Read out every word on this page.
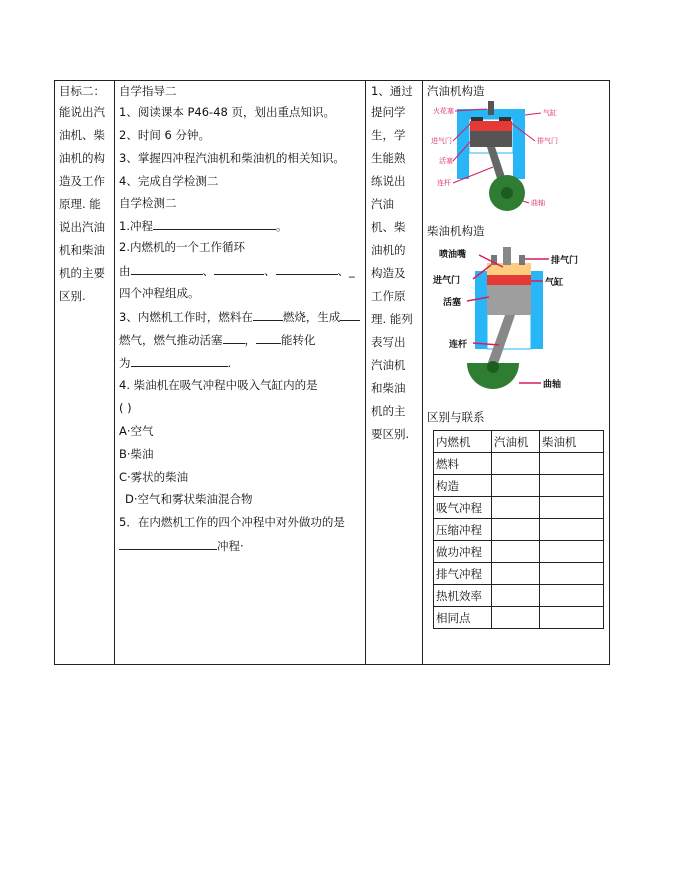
目标二：
能说出汽
油机、柴
油机的构
造及工作
原理. 能
说出汽油
机和柴油
机的主要
区别.
自学指导二
1、阅读课本 P46-48 页，划出重点知识。
2、时间 6 分钟。
3、掌握四冲程汽油机和柴油机的相关知识。
4、完成自学检测二
自学检测二
1.冲程	。
2.内燃机的一个工作循环
由	、	、	、_
四个冲程组成。
3、内燃机工作时，燃料在	燃烧，生成
燃气，燃气推动活塞 ， 能转化
为	.
4. 柴油机在吸气冲程中吸入气缸内的是
( )
A·空气
B·柴油
C·雾状的柴油
D·空气和雾状柴油混合物
5．在内燃机工作的四个冲程中对外做功的是
冲程·
1、通过
提问学
生，学
生能熟
练说出
汽油
机、柴
油机的
构造及
工作原
理. 能列
表写出
汽油机
和柴油
机的主
要区别.
汽油机构造
火花塞	气缸
进气门	排气门
活塞
连杆
曲轴
柴油机构造
喷油嘴
排气门
进气门	气缸
活塞
连杆
曲轴
区别与联系
内燃机	汽油机	柴油机
燃料		
构造		
吸气冲程		
压缩冲程		
做功冲程		
排气冲程		
热机效率		
相同点		
